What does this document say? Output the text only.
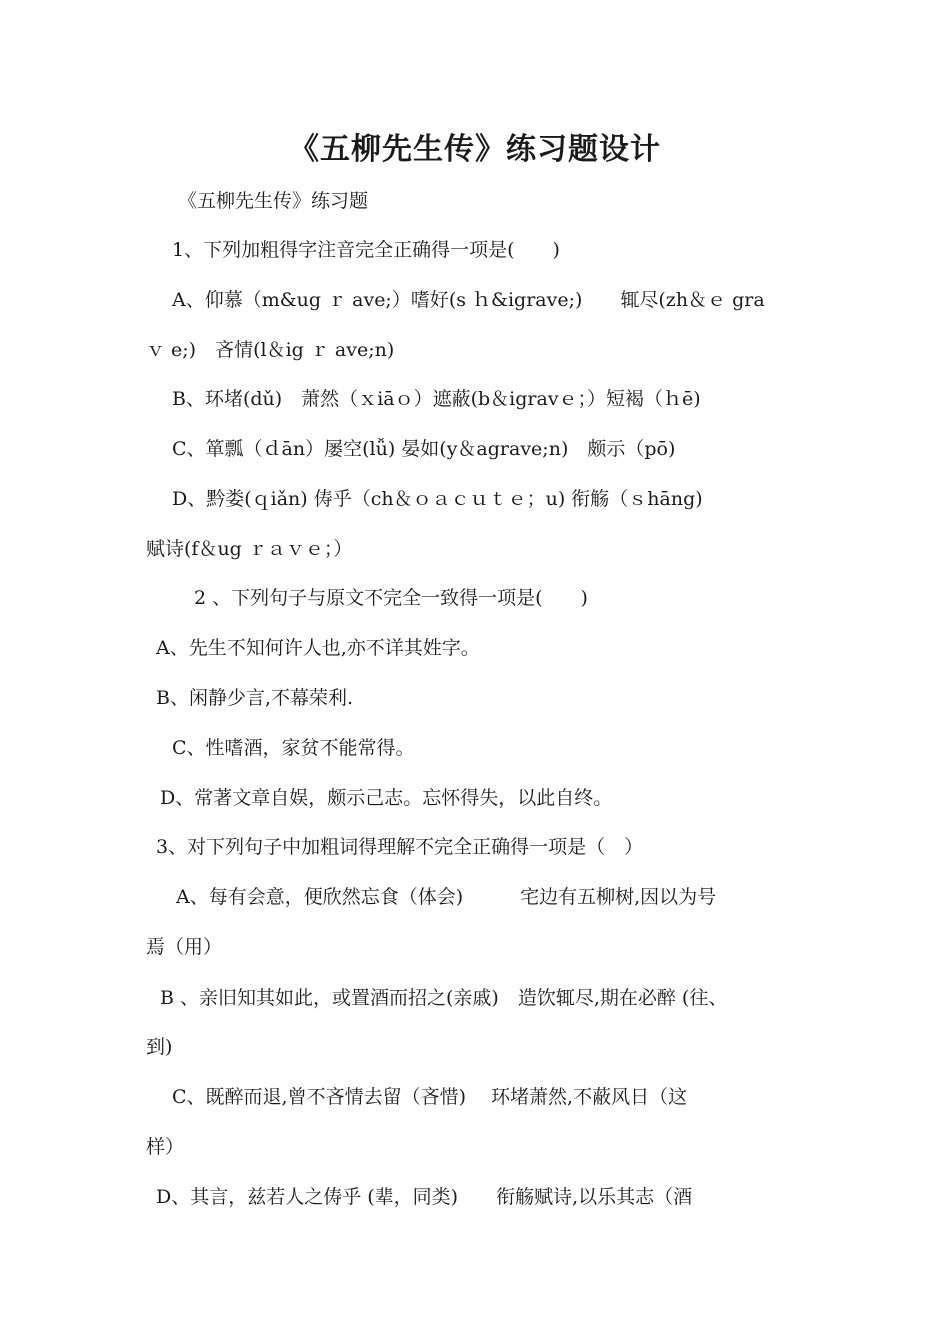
《五柳先生传》练习题设计
《五柳先生传》练习题
1、下列加粗得字注音完全正确得一项是(　　)
A、仰慕（m&ug ｒ ave;）嗜好(s ｈ&igrave;)　　辄尽(zh＆ｅ gra
ｖ e;)　吝情(l＆ig ｒ ave;n)
B、环堵(dǔ)　萧然（ｘiāｏ）遮蔽(b＆igravｅ；）短褐（ｈē)
C、箪瓢（ｄān）屡空(lǚ) 晏如(y＆agrave;n)　颇示（pō)
D、黔娄(ｑiǎn) 俦乎（ch＆ｏａｃｕｔｅ；u) 衔觞（ｓhāng)
赋诗(f＆ug ｒａｖｅ；）
2 、下列句子与原文不完全一致得一项是(　　)
A、先生不知何许人也,亦不详其姓字。
B、闲静少言,不幕荣利.
C、性嗜酒，家贫不能常得。
D、常著文章自娱，颇示己志。忘怀得失，以此自终。
3、对下列句子中加粗词得理解不完全正确得一项是（　）
A、每有会意，便欣然忘食（体会)　　　宅边有五柳树,因以为号
焉（用）
B 、亲旧知其如此，或置酒而招之(亲戚)　造饮辄尽,期在必醉 (往、
到)
C、既醉而退,曾不吝情去留（吝惜)　 环堵萧然,不蔽风日（这
样）
D、其言，兹若人之俦乎 (辈，同类)　　衔觞赋诗,以乐其志（酒
